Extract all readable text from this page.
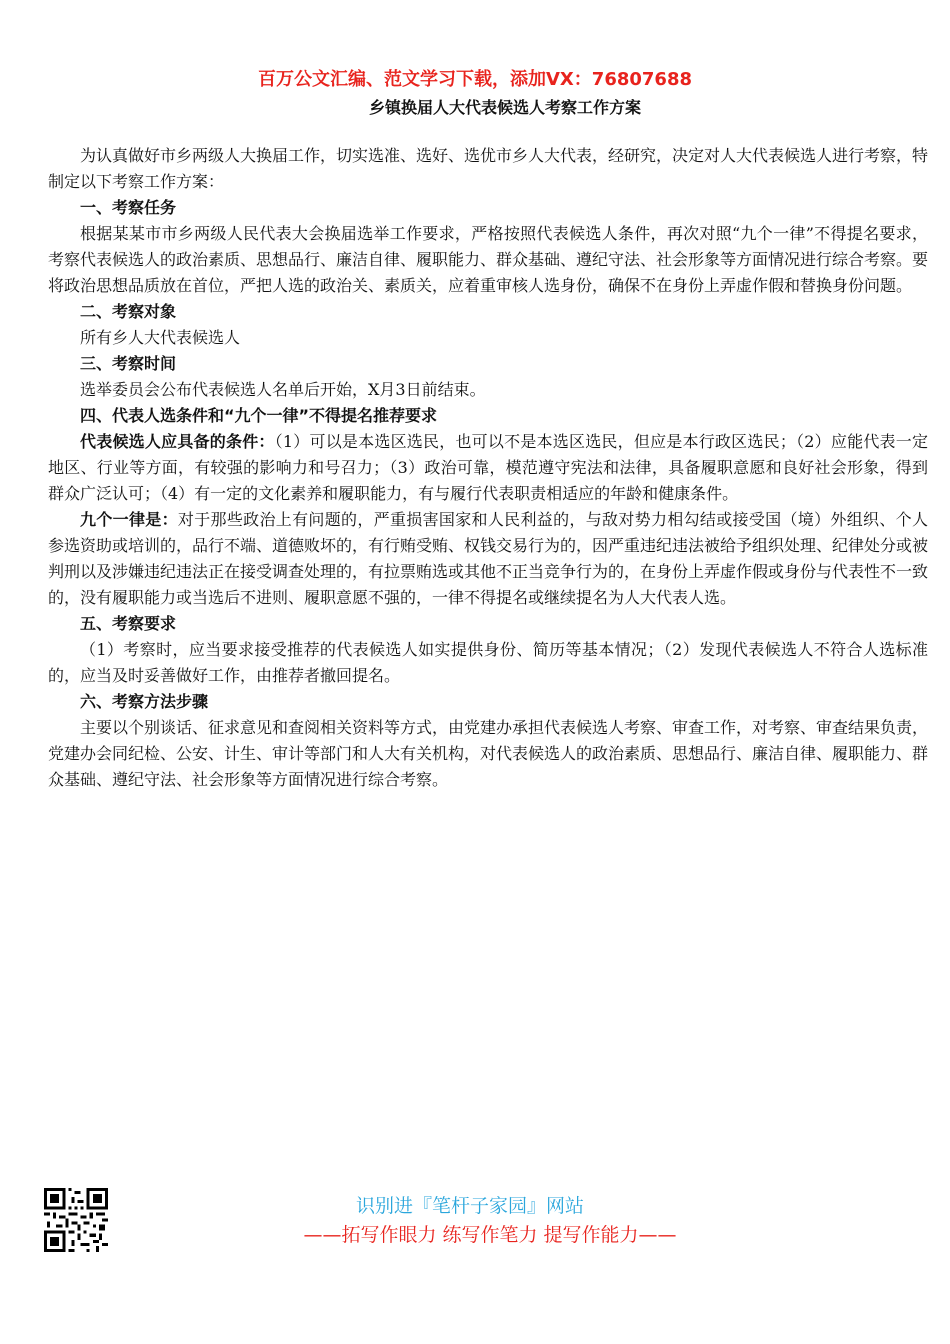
百万公文汇编、范文学习下载，添加VX：76807688
乡镇换届人大代表候选人考察工作方案

为认真做好市乡两级人大换届工作，切实选准、选好、选优市乡人大代表，经研究，决定对人大代表候选人进行考察，特制定以下考察工作方案：

一、考察任务

根据某某市市乡两级人民代表大会换届选举工作要求，严格按照代表候选人条件，再次对照“九个一律”不得提名要求，考察代表候选人的政治素质、思想品行、廉洁自律、履职能力、群众基础、遵纪守法、社会形象等方面情况进行综合考察。要将政治思想品质放在首位，严把人选的政治关、素质关，应着重审核人选身份，确保不在身份上弄虚作假和替换身份问题。

二、考察对象

所有乡人大代表候选人

三、考察时间

选举委员会公布代表候选人名单后开始，X月3日前结束。

四、代表人选条件和“九个一律”不得提名推荐要求

代表候选人应具备的条件：（1）可以是本选区选民，也可以不是本选区选民，但应是本行政区选民；（2）应能代表一定地区、行业等方面，有较强的影响力和号召力；（3）政治可靠，模范遵守宪法和法律，具备履职意愿和良好社会形象，得到群众广泛认可；（4）有一定的文化素养和履职能力，有与履行代表职责相适应的年龄和健康条件。

九个一律是：对于那些政治上有问题的，严重损害国家和人民利益的，与敌对势力相勾结或接受国（境）外组织、个人参选资助或培训的，品行不端、道德败坏的，有行贿受贿、权钱交易行为的，因严重违纪违法被给予组织处理、纪律处分或被判刑以及涉嫌违纪违法正在接受调查处理的，有拉票贿选或其他不正当竞争行为的，在身份上弄虚作假或身份与代表性不一致的，没有履职能力或当选后不进则、履职意愿不强的，一律不得提名或继续提名为人大代表人选。

五、考察要求

（1）考察时，应当要求接受推荐的代表候选人如实提供身份、简历等基本情况；（2）发现代表候选人不符合人选标准的，应当及时妥善做好工作，由推荐者撤回提名。

六、考察方法步骤

主要以个别谈话、征求意见和查阅相关资料等方式，由党建办承担代表候选人考察、审查工作，对考察、审查结果负责，党建办会同纪检、公安、计生、审计等部门和人大有关机构，对代表候选人的政治素质、思想品行、廉洁自律、履职能力、群众基础、遵纪守法、社会形象等方面情况进行综合考察。

识别进『笔杆子家园』网站
——拓写作眼力 练写作笔力 提写作能力——
